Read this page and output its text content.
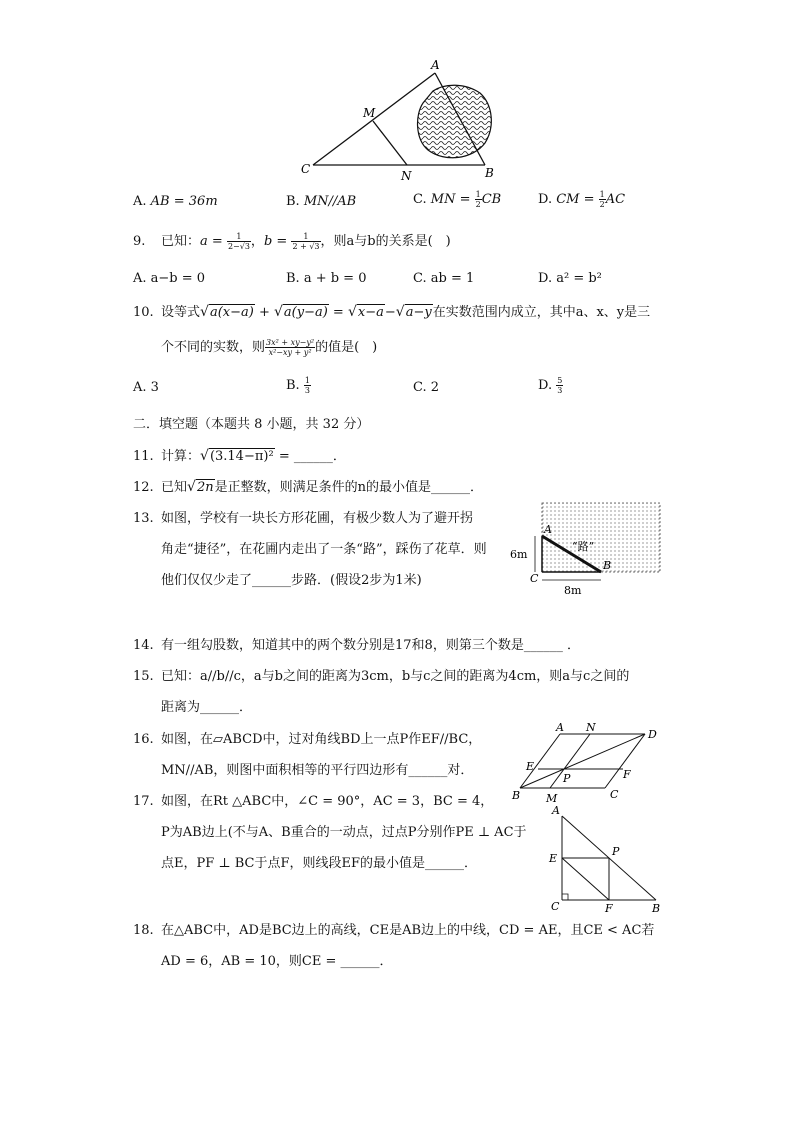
A
B
C
M
N
A. AB = 36m	B. MN//AB	C. MN = $\frac{1}{2}$ CB	D. CM = $\frac{1}{2}$ AC
9. 已知：$a = \frac{1}{2-√3}$ ，$b = \frac{1}{2 + √3}$ ，则a与b的关系是(　)
A. a−b = 0	B. a + b = 0	C. ab = 1	D. a² = b²
10. 设等式√a(x−a) + √a(y−a) = √x−a−√a−y在实数范围内成立，其中a、x、y是三
个不同的实数，则 $\frac{\text{3x² + xy−y²}}{\text{x²−xy + y²}}$ 的值是(　)
A. 3	B. $\frac{1}{3}$	C. 2	D. $\frac{5}{3}$
二．填空题（本题共 8 小题，共 32 分）
11. 计算：√(3.14−π)² = ______．
12. 已知√2n是正整数，则满足条件的n的最小值是______．
13. 如图，学校有一块长方形花圃，有极少数人为了避开拐
角走“捷径”，在花圃内走出了一条“路”，踩伤了花草．则
他们仅仅少走了______步路．(假设2步为1米)
A
B
C
“路”
6m
8m
14. 有一组勾股数，知道其中的两个数分别是17和8，则第三个数是______ ．
15. 已知：a//b//c，a与b之间的距离为3cm，b与c之间的距离为4cm，则a与c之间的
距离为______．
16. 如图，在▱ABCD中，过对角线BD上一点P作EF//BC，
MN//AB，则图中面积相等的平行四边形有______对．
A N
D
E
P	F
B M	C
17. 如图，在Rt △ABC中，∠C = 90°，AC = 3，BC = 4，
P为AB边上(不与A、B重合的一动点，过点P分别作PE ⊥ AC于
点E，PF ⊥ BC于点F，则线段EF的最小值是______．
A
E
P
C	F	B
18. 在△ABC中，AD是BC边上的高线，CE是AB边上的中线，CD = AE，且CE < AC若
AD = 6，AB = 10，则CE = ______．
